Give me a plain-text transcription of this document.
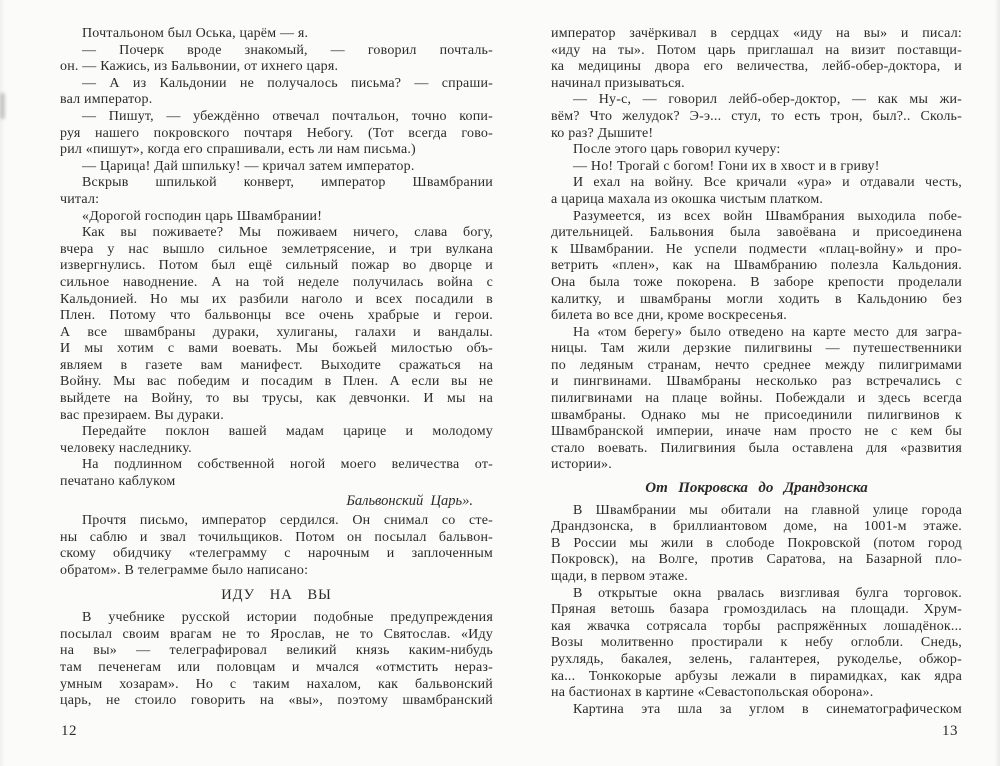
Почтальоном был Оська, царём — я.
— Почерк вроде знакомый, — говорил почталь-
он. — Кажись, из Бальвонии, от ихнего царя.
— А из Кальдонии не получалось письма? — спраши-
вал император.
— Пишут, — убеждённо отвечал почтальон, точно копи-
руя нашего покровского почтаря Небогу. (Тот всегда гово-
рил «пишут», когда его спрашивали, есть ли нам письма.)
— Царица! Дай шпильку! — кричал затем император.
Вскрыв шпилькой конверт, император Швамбрании
читал:
«Дорогой господин царь Швамбрании!
Как вы поживаете? Мы поживаем ничего, слава богу,
вчера у нас вышло сильное землетрясение, и три вулкана
извергнулись. Потом был ещё сильный пожар во дворце и
сильное наводнение. А на той неделе получилась война с
Кальдонией. Но мы их разбили наголо и всех посадили в
Плен. Потому что бальвонцы все очень храбрые и герои.
А все швамбраны дураки, хулиганы, галахи и вандалы.
И мы хотим с вами воевать. Мы божьей милостью объ-
являем в газете вам манифест. Выходите сражаться на
Войну. Мы вас победим и посадим в Плен. А если вы не
выйдете на Войну, то вы трусы, как девчонки. И мы на
вас презираем. Вы дураки.
Передайте поклон вашей мадам царице и молодому
человеку наследнику.
На подлинном собственной ногой моего величества от-
печатано каблуком
Бальвонский Царь».
Прочтя письмо, император сердился. Он снимал со сте-
ны саблю и звал точильщиков. Потом он посылал бальвон-
скому обидчику «телеграмму с нарочным и заплоченным
обратом». В телеграмме было написано:
ИДУ НА ВЫ
В учебнике русской истории подобные предупреждения
посылал своим врагам не то Ярослав, не то Святослав. «Иду
на вы» — телеграфировал великий князь каким-нибудь
там печенегам или половцам и мчался «отмстить нераз-
умным хозарам». Но с таким нахалом, как бальвонский
царь, не стоило говорить на «вы», поэтому швамбранский
12
император зачёркивал в сердцах «иду на вы» и писал:
«иду на ты». Потом царь приглашал на визит поставщи-
ка медицины двора его величества, лейб-обер-доктора, и
начинал призываться.
— Ну-с, — говорил лейб-обер-доктор, — как мы жи-
вём? Что желудок? Э-э... стул, то есть трон, был?.. Сколь-
ко раз? Дышите!
После этого царь говорил кучеру:
— Но! Трогай с богом! Гони их в хвост и в гриву!
И ехал на войну. Все кричали «ура» и отдавали честь,
а царица махала из окошка чистым платком.
Разумеется, из всех войн Швамбрания выходила побе-
дительницей. Бальвония была завоёвана и присоединена
к Швамбрании. Не успели подмести «плац-войну» и про-
ветрить «плен», как на Швамбранию полезла Кальдония.
Она была тоже покорена. В заборе крепости проделали
калитку, и швамбраны могли ходить в Кальдонию без
билета во все дни, кроме воскресенья.
На «том берегу» было отведено на карте место для загра-
ницы. Там жили дерзкие пилигвины — путешественники
по ледяным странам, нечто среднее между пилигримами
и пингвинами. Швамбраны несколько раз встречались с
пилигвинами на плаце войны. Побеждали и здесь всегда
швамбраны. Однако мы не присоединили пилигвинов к
Швамбранской империи, иначе нам просто не с кем бы
стало воевать. Пилигвиния была оставлена для «развития
истории».
От Покровска до Драндзонска
В Швамбрании мы обитали на главной улице города
Драндзонска, в бриллиантовом доме, на 1001-м этаже.
В России мы жили в слободе Покровской (потом город
Покровск), на Волге, против Саратова, на Базарной пло-
щади, в первом этаже.
В открытые окна рвалась визгливая булга торговок.
Пряная ветошь базара громоздилась на площади. Хрум-
кая жвачка сотрясала торбы распряжённых лошадёнок...
Возы молитвенно простирали к небу оглобли. Снедь,
рухлядь, бакалея, зелень, галантерея, рукоделье, обжор-
ка... Тонкокорые арбузы лежали в пирамидках, как ядра
на бастионах в картине «Севастопольская оборона».
Картина эта шла за углом в синематографическом
13
